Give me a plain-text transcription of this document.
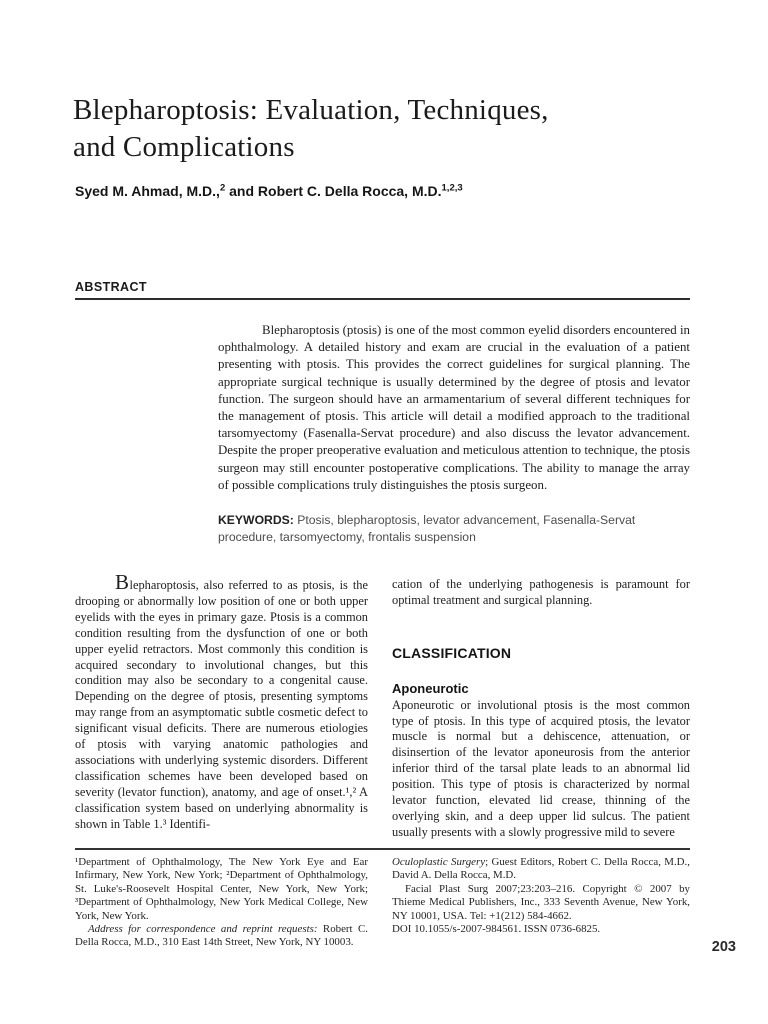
Blepharoptosis: Evaluation, Techniques,
and Complications
Syed M. Ahmad, M.D.,$^2$ and Robert C. Della Rocca, M.D.$^{1,2,3}$
ABSTRACT

Blepharoptosis (ptosis) is one of the most common eyelid disorders encountered in ophthalmology. A detailed history and exam are crucial in the evaluation of a patient presenting with ptosis. This provides the correct guidelines for surgical planning. The appropriate surgical technique is usually determined by the degree of ptosis and levator function. The surgeon should have an armamentarium of several different techniques for the management of ptosis. This article will detail a modified approach to the traditional tarsomyectomy (Fasenalla-Servat procedure) and also discuss the levator advancement. Despite the proper preoperative evaluation and meticulous attention to technique, the ptosis surgeon may still encounter postoperative complications. The ability to manage the array of possible complications truly distinguishes the ptosis surgeon.

KEYWORDS: Ptosis, blepharoptosis, levator advancement, Fasenalla-Servat procedure, tarsomyectomy, frontalis suspension

Blepharoptosis, also referred to as ptosis, is the drooping or abnormally low position of one or both upper eyelids with the eyes in primary gaze. Ptosis is a common condition resulting from the dysfunction of one or both upper eyelid retractors. Most commonly this condition is acquired secondary to involutional changes, but this condition may also be secondary to a congenital cause. Depending on the degree of ptosis, presenting symptoms may range from an asymptomatic subtle cosmetic defect to significant visual deficits. There are numerous etiologies of ptosis with varying anatomic pathologies and associations with underlying systemic disorders. Different classification schemes have been developed based on severity (levator function), anatomy, and age of onset.¹,² A classification system based on underlying abnormality is shown in Table 1.³ Identifi-

cation of the underlying pathogenesis is paramount for optimal treatment and surgical planning.

CLASSIFICATION
Aponeurotic

Aponeurotic or involutional ptosis is the most common type of ptosis. In this type of acquired ptosis, the levator muscle is normal but a dehiscence, attenuation, or disinsertion of the levator aponeurosis from the anterior inferior third of the tarsal plate leads to an abnormal lid position. This type of ptosis is characterized by normal levator function, elevated lid crease, thinning of the overlying skin, and a deep upper lid sulcus. The patient usually presents with a slowly progressive mild to severe

¹Department of Ophthalmology, The New York Eye and Ear Infirmary, New York, New York; ²Department of Ophthalmology, St. Luke's-Roosevelt Hospital Center, New York, New York; ³Department of Ophthalmology, New York Medical College, New York, New York.

Address for correspondence and reprint requests: Robert C. Della Rocca, M.D., 310 East 14th Street, New York, NY 10003.

Oculoplastic Surgery; Guest Editors, Robert C. Della Rocca, M.D., David A. Della Rocca, M.D.

Facial Plast Surg 2007;23:203–216. Copyright © 2007 by Thieme Medical Publishers, Inc., 333 Seventh Avenue, New York, NY 10001, USA. Tel: +1(212) 584-4662.

DOI 10.1055/s-2007-984561. ISSN 0736-6825.

203
